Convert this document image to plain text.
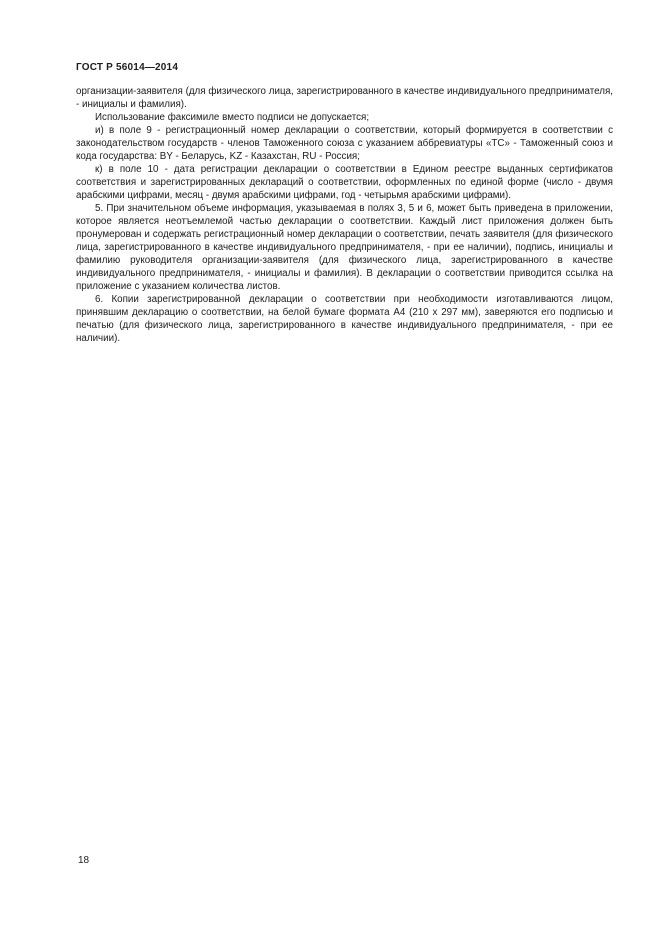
ГОСТ Р 56014—2014

организации-заявителя (для физического лица, зарегистрированного в качестве индивидуального предпринимателя, - инициалы и фамилия).

Использование факсимиле вместо подписи не допускается;

и) в поле 9 - регистрационный номер декларации о соответствии, который формируется в соответствии с законодательством государств - членов Таможенного союза с указанием аббревиатуры «ТС» - Таможенный союз и кода государства: BY - Беларусь, KZ - Казахстан, RU - Россия;

к) в поле 10 - дата регистрации декларации о соответствии в Едином реестре выданных сертификатов соответствия и зарегистрированных деклараций о соответствии, оформленных по единой форме (число - двумя арабскими цифрами, месяц - двумя арабскими цифрами, год - четырьмя арабскими цифрами).

5. При значительном объеме информация, указываемая в полях 3, 5 и 6, может быть приведена в приложении, которое является неотъемлемой частью декларации о соответствии. Каждый лист приложения должен быть пронумерован и содержать регистрационный номер декларации о соответствии, печать заявителя (для физического лица, зарегистрированного в качестве индивидуального предпринимателя, - при ее наличии), подпись, инициалы и фамилию руководителя организации-заявителя (для физического лица, зарегистрированного в качестве индивидуального предпринимателя, - инициалы и фамилия). В декларации о соответствии приводится ссылка на приложение с указанием количества листов.

6. Копии зарегистрированной декларации о соответствии при необходимости изготавливаются лицом, принявшим декларацию о соответствии, на белой бумаге формата А4 (210 х 297 мм), заверяются его подписью и печатью (для физического лица, зарегистрированного в качестве индивидуального предпринимателя, - при ее наличии).

18
